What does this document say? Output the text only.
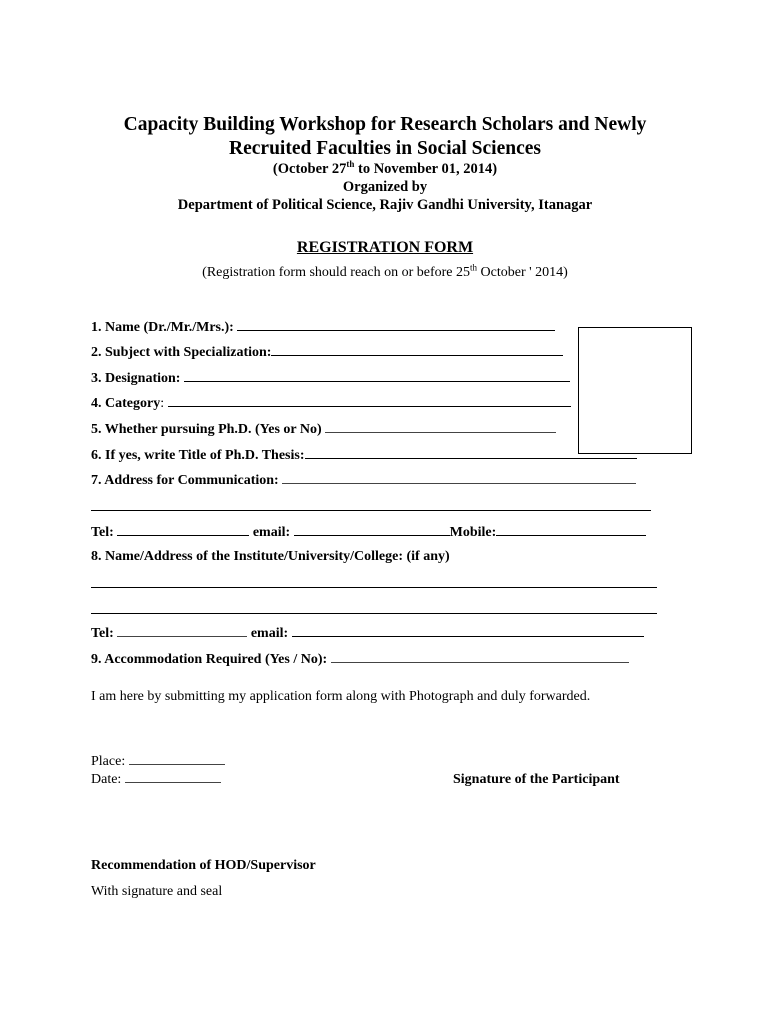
Capacity Building Workshop for Research Scholars and Newly
Recruited Faculties in Social Sciences
(October 27th to November 01, 2014)
Organized by
Department of Political Science, Rajiv Gandhi University, Itanagar
REGISTRATION FORM
(Registration form should reach on or before 25th October ' 2014)
1. Name (Dr./Mr./Mrs.):
2. Subject with Specialization:
3. Designation:
4. Category:
5. Whether pursuing Ph.D. (Yes or No)
6. If yes, write Title of Ph.D. Thesis:
7. Address for Communication:
Tel:	email:	Mobile:
8. Name/Address of the Institute/University/College: (if any)
Tel:	email:
9. Accommodation Required (Yes / No):
I am here by submitting my application form along with Photograph and duly forwarded.
Place:
Date:	Signature of the Participant
Recommendation of HOD/Supervisor
With signature and seal
